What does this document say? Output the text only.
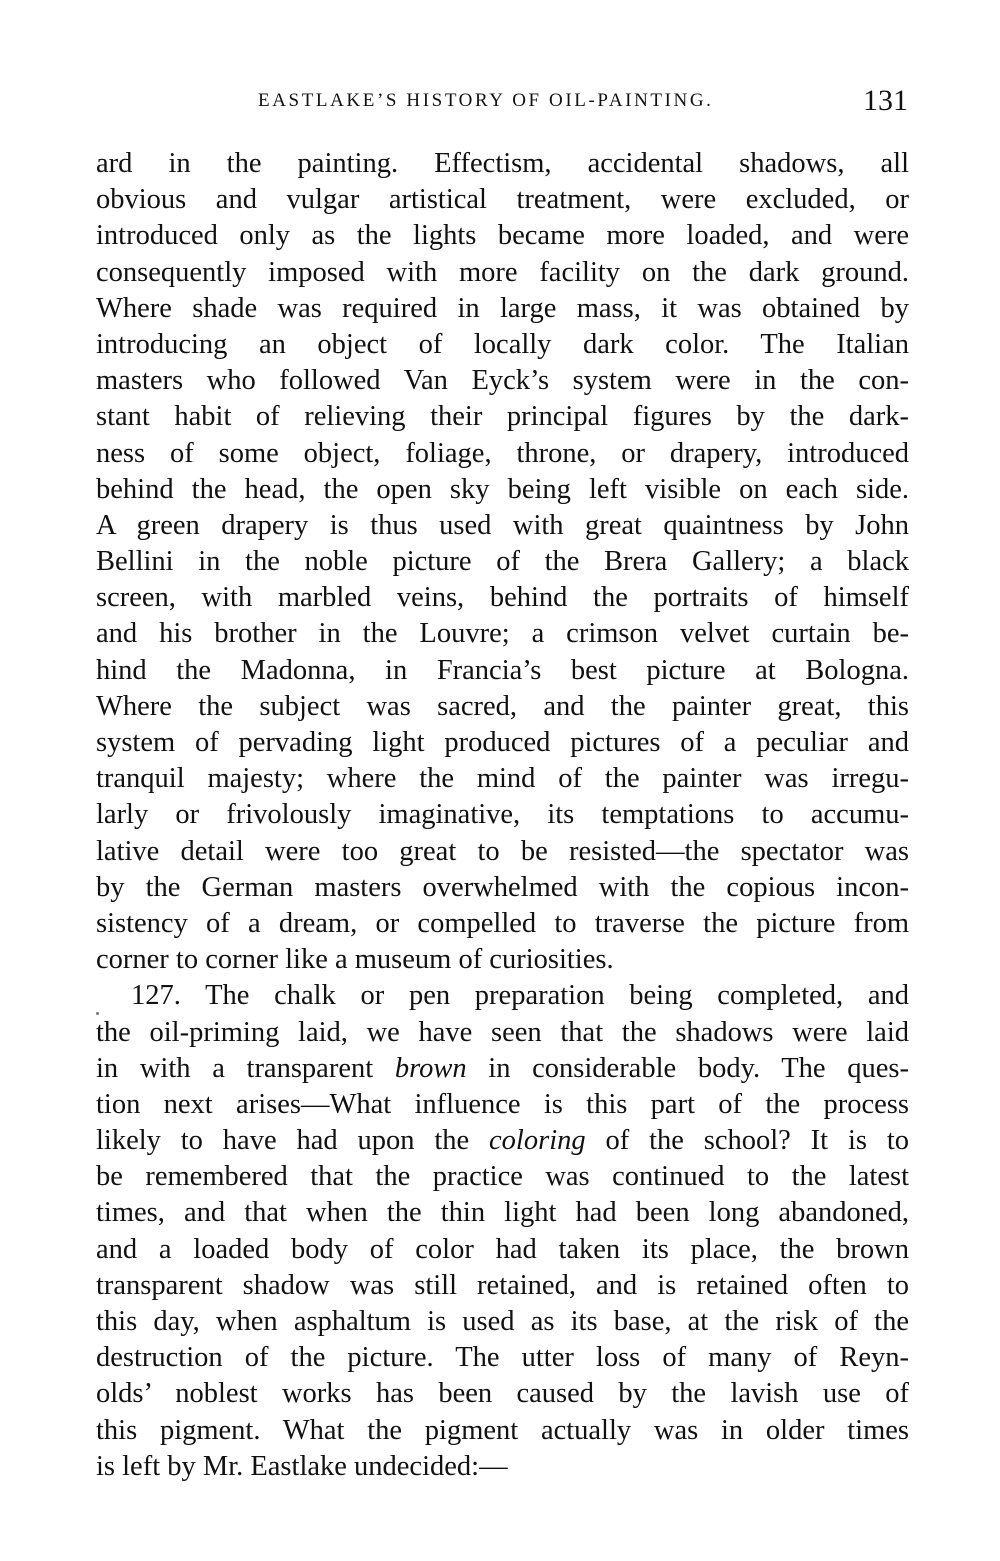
EASTLAKE’S HISTORY OF OIL-PAINTING.	131
ard in the painting. Effectism, accidental shadows, all
obvious and vulgar artistical treatment, were excluded, or
introduced only as the lights became more loaded, and were
consequently imposed with more facility on the dark ground.
Where shade was required in large mass, it was obtained by
introducing an object of locally dark color. The Italian
masters who followed Van Eyck’s system were in the con-
stant habit of relieving their principal figures by the dark-
ness of some object, foliage, throne, or drapery, introduced
behind the head, the open sky being left visible on each side.
A green drapery is thus used with great quaintness by John
Bellini in the noble picture of the Brera Gallery; a black
screen, with marbled veins, behind the portraits of himself
and his brother in the Louvre; a crimson velvet curtain be-
hind the Madonna, in Francia’s best picture at Bologna.
Where the subject was sacred, and the painter great, this
system of pervading light produced pictures of a peculiar and
tranquil majesty; where the mind of the painter was irregu-
larly or frivolously imaginative, its temptations to accumu-
lative detail were too great to be resisted—the spectator was
by the German masters overwhelmed with the copious incon-
sistency of a dream, or compelled to traverse the picture from
corner to corner like a museum of curiosities.
127. The chalk or pen preparation being completed, and
the oil-priming laid, we have seen that the shadows were laid
in with a transparent brown in considerable body. The ques-
tion next arises—What influence is this part of the process
likely to have had upon the coloring of the school? It is to
be remembered that the practice was continued to the latest
times, and that when the thin light had been long abandoned,
and a loaded body of color had taken its place, the brown
transparent shadow was still retained, and is retained often to
this day, when asphaltum is used as its base, at the risk of the
destruction of the picture. The utter loss of many of Reyn-
olds’ noblest works has been caused by the lavish use of
this pigment. What the pigment actually was in older times
is left by Mr. Eastlake undecided:—
